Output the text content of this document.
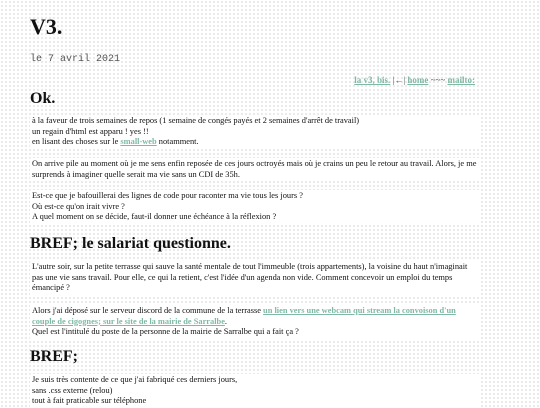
V3.
le 7 avril 2021
la v3, bis. |←| home ~~~ mailto:
Ok.
à la faveur de trois semaines de repos (1 semaine de congés payés et 2 semaines d'arrêt de travail)
un regain d'html est apparu ! yes !!
en lisant des choses sur le small-web notamment.
On arrive pile au moment où je me sens enfin reposée de ces jours octroyés mais où je crains un peu le retour au travail. Alors, je me surprends à imaginer quelle serait ma vie sans un CDI de 35h.
Est-ce que je bafouillerai des lignes de code pour raconter ma vie tous les jours ?
Où est-ce qu'on irait vivre ?
A quel moment on se décide, faut-il donner une échéance à la réflexion ?
BREF; le salariat questionne.
L'autre soir, sur la petite terrasse qui sauve la santé mentale de tout l'immeuble (trois appartements), la voisine du haut n'imaginait pas une vie sans travail. Pour elle, ce qui la retient, c'est l'idée d'un agenda non vide. Comment concevoir un emploi du temps émancipé ?
Alors j'ai déposé sur le serveur discord de la commune de la terrasse un lien vers une webcam qui stream la convoison d'un couple de cigognes; sur le site de la mairie de Sarralbe.
Quel est l'intitulé du poste de la personne de la mairie de Sarralbe qui a fait ça ?
BREF;
Je suis très contente de ce que j'ai fabriqué ces derniers jours,
sans .css externe (relou)
tout à fait praticable sur téléphone
